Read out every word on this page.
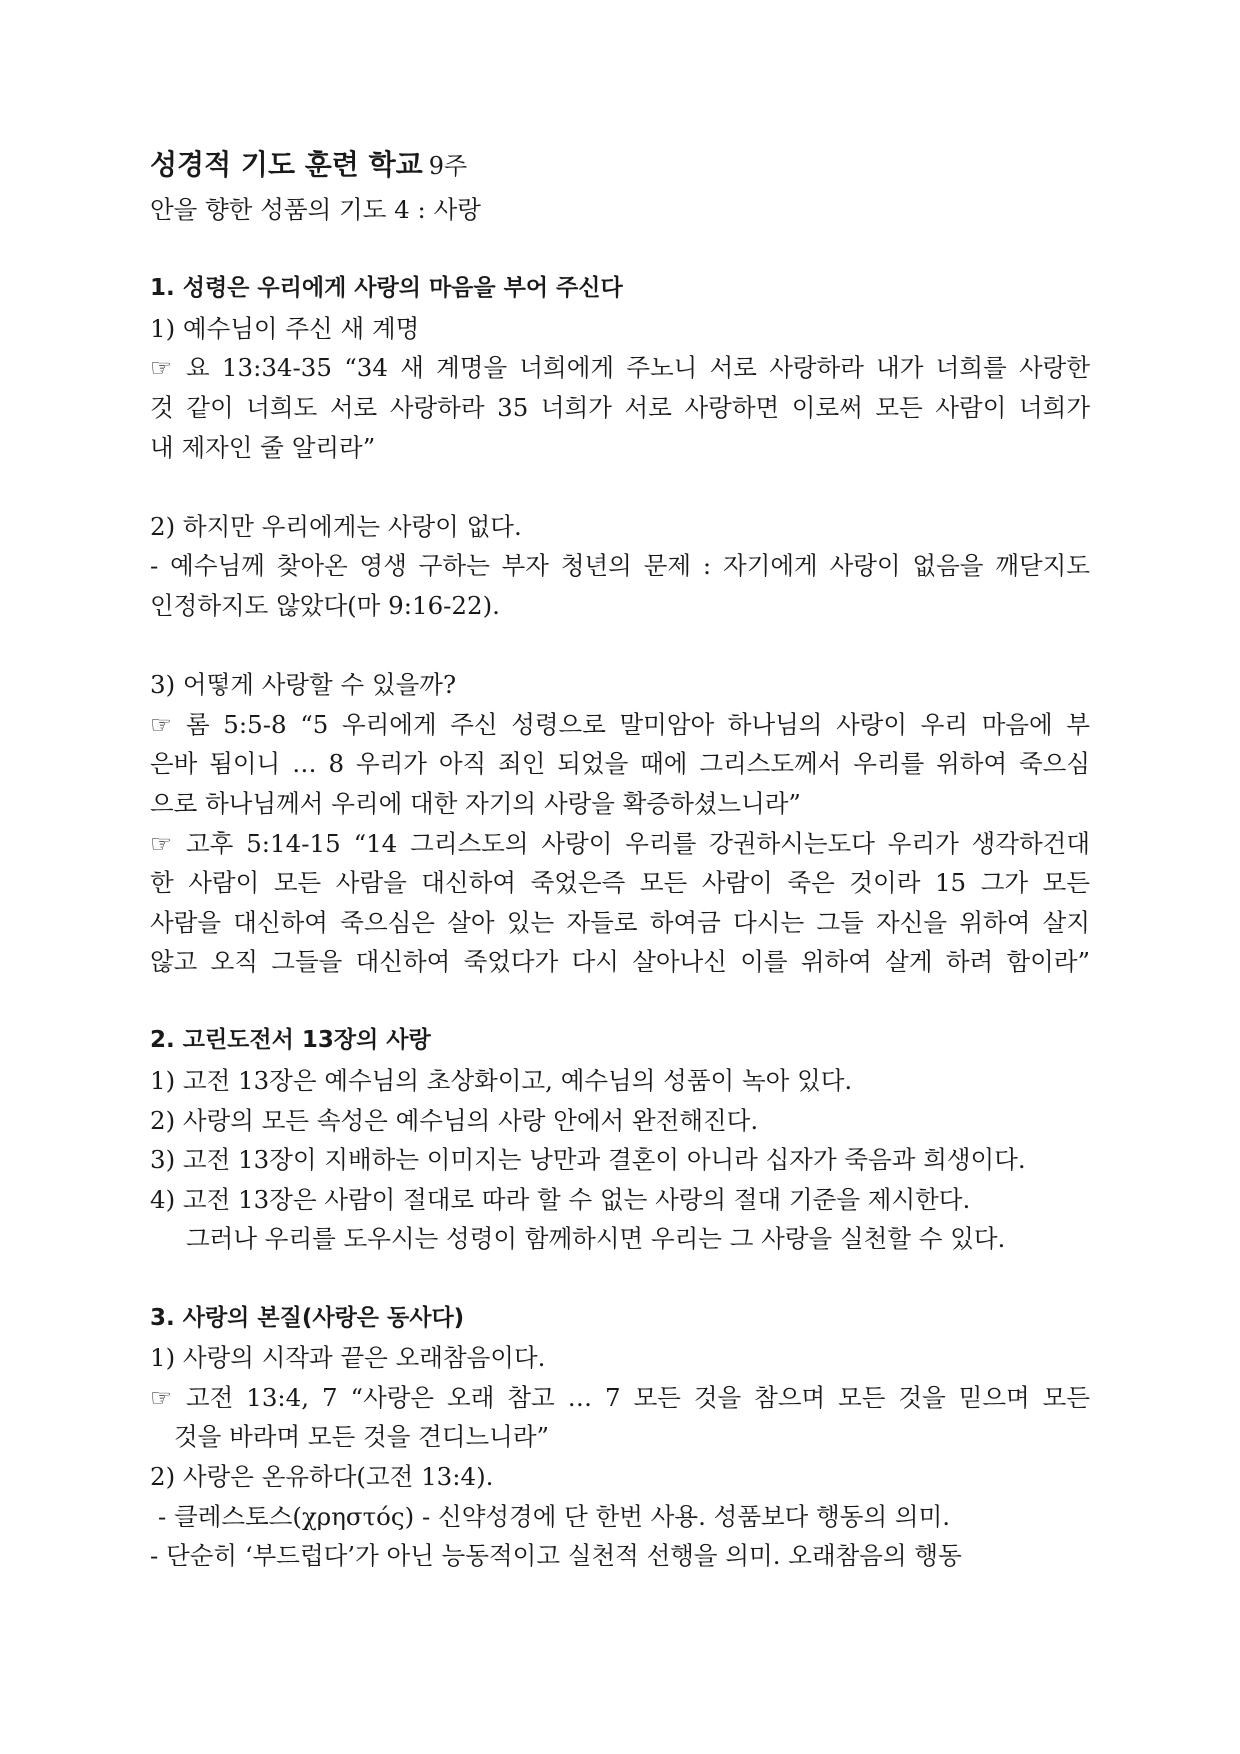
성경적 기도 훈련 학교 9주
안을 향한 성품의 기도 4 : 사랑
1. 성령은 우리에게 사랑의 마음을 부어 주신다
1) 예수님이 주신 새 계명
☞ 요 13:34-35 “34 새 계명을 너희에게 주노니 서로 사랑하라 내가 너희를 사랑한
것 같이 너희도 서로 사랑하라 35 너희가 서로 사랑하면 이로써 모든 사람이 너희가
내 제자인 줄 알리라”
2) 하지만 우리에게는 사랑이 없다.
- 예수님께 찾아온 영생 구하는 부자 청년의 문제 : 자기에게 사랑이 없음을 깨닫지도
인정하지도 않았다(마 9:16-22).
3) 어떻게 사랑할 수 있을까?
☞ 롬 5:5-8 “5 우리에게 주신 성령으로 말미암아 하나님의 사랑이 우리 마음에 부
은바 됨이니 … 8 우리가 아직 죄인 되었을 때에 그리스도께서 우리를 위하여 죽으심
으로 하나님께서 우리에 대한 자기의 사랑을 확증하셨느니라”
☞ 고후 5:14-15 “14 그리스도의 사랑이 우리를 강권하시는도다 우리가 생각하건대
한 사람이 모든 사람을 대신하여 죽었은즉 모든 사람이 죽은 것이라 15 그가 모든
사람을 대신하여 죽으심은 살아 있는 자들로 하여금 다시는 그들 자신을 위하여 살지
않고 오직 그들을 대신하여 죽었다가 다시 살아나신 이를 위하여 살게 하려 함이라”
2. 고린도전서 13장의 사랑
1) 고전 13장은 예수님의 초상화이고, 예수님의 성품이 녹아 있다.
2) 사랑의 모든 속성은 예수님의 사랑 안에서 완전해진다.
3) 고전 13장이 지배하는 이미지는 낭만과 결혼이 아니라 십자가 죽음과 희생이다.
4) 고전 13장은 사람이 절대로 따라 할 수 없는 사랑의 절대 기준을 제시한다.
그러나 우리를 도우시는 성령이 함께하시면 우리는 그 사랑을 실천할 수 있다.
3. 사랑의 본질(사랑은 동사다)
1) 사랑의 시작과 끝은 오래참음이다.
☞ 고전 13:4, 7 “사랑은 오래 참고 … 7 모든 것을 참으며 모든 것을 믿으며 모든
것을 바라며 모든 것을 견디느니라”
2) 사랑은 온유하다(고전 13:4).
- 클레스토스(χρηστός) - 신약성경에 단 한번 사용. 성품보다 행동의 의미.
- 단순히 ‘부드럽다’가 아닌 능동적이고 실천적 선행을 의미. 오래참음의 행동
